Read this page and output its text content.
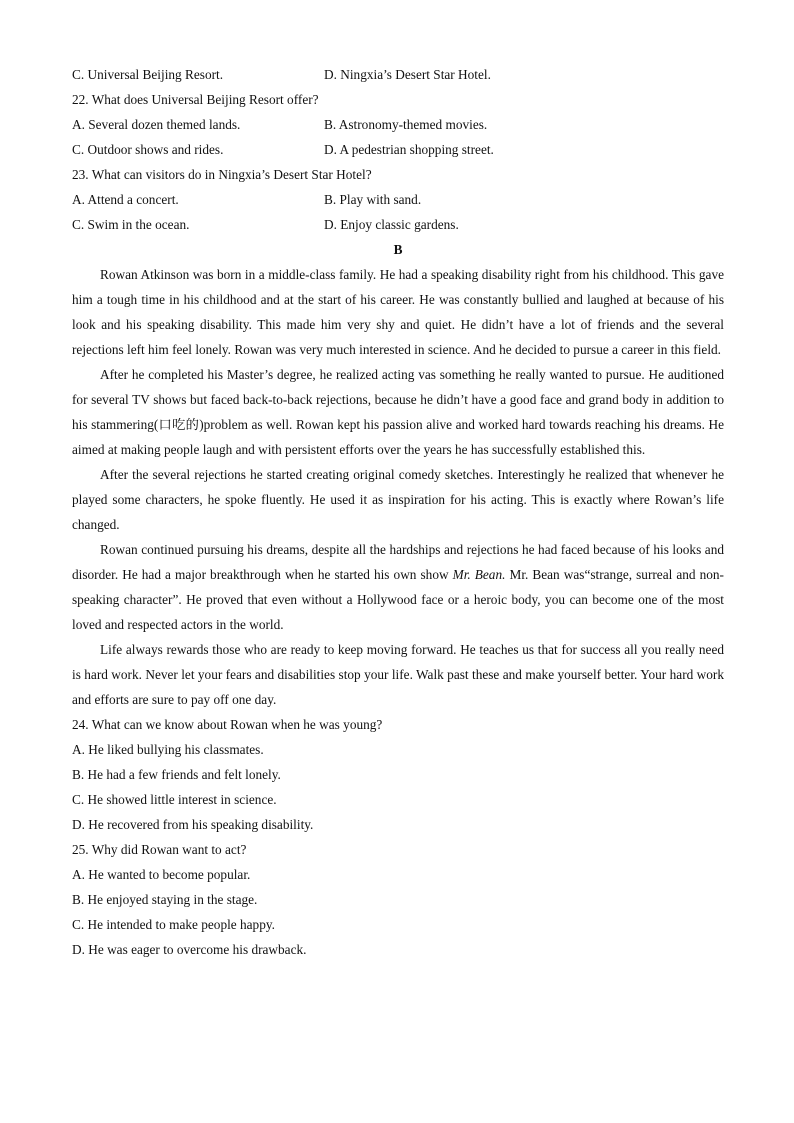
C. Universal Beijing Resort.	D. Ningxia’s Desert Star Hotel.
22. What does Universal Beijing Resort offer?
A. Several dozen themed lands.	B. Astronomy-themed movies.
C. Outdoor shows and rides.	D. A pedestrian shopping street.
23. What can visitors do in Ningxia’s Desert Star Hotel?
A. Attend a concert.	B. Play with sand.
C. Swim in the ocean.	D. Enjoy classic gardens.
B

Rowan Atkinson was born in a middle-class family. He had a speaking disability right from his childhood. This gave him a tough time in his childhood and at the start of his career. He was constantly bullied and laughed at because of his look and his speaking disability. This made him very shy and quiet. He didn’t have a lot of friends and the several rejections left him feel lonely. Rowan was very much interested in science. And he decided to pursue a career in this field.

After he completed his Master’s degree, he realized acting vas something he really wanted to pursue. He auditioned for several TV shows but faced back-to-back rejections, because he didn’t have a good face and grand body in addition to his stammering(口吃的)problem as well. Rowan kept his passion alive and worked hard towards reaching his dreams. He aimed at making people laugh and with persistent efforts over the years he has successfully established this.

After the several rejections he started creating original comedy sketches. Interestingly he realized that whenever he played some characters, he spoke fluently. He used it as inspiration for his acting. This is exactly where Rowan’s life changed.

Rowan continued pursuing his dreams, despite all the hardships and rejections he had faced because of his looks and disorder. He had a major breakthrough when he started his own show Mr. Bean. Mr. Bean was“strange, surreal and non-speaking character”. He proved that even without a Hollywood face or a heroic body, you can become one of the most loved and respected actors in the world.

Life always rewards those who are ready to keep moving forward. He teaches us that for success all you really need is hard work. Never let your fears and disabilities stop your life. Walk past these and make yourself better. Your hard work and efforts are sure to pay off one day.

24. What can we know about Rowan when he was young?
A. He liked bullying his classmates.
B. He had a few friends and felt lonely.
C. He showed little interest in science.
D. He recovered from his speaking disability.
25. Why did Rowan want to act?
A. He wanted to become popular.
B. He enjoyed staying in the stage.
C. He intended to make people happy.
D. He was eager to overcome his drawback.
